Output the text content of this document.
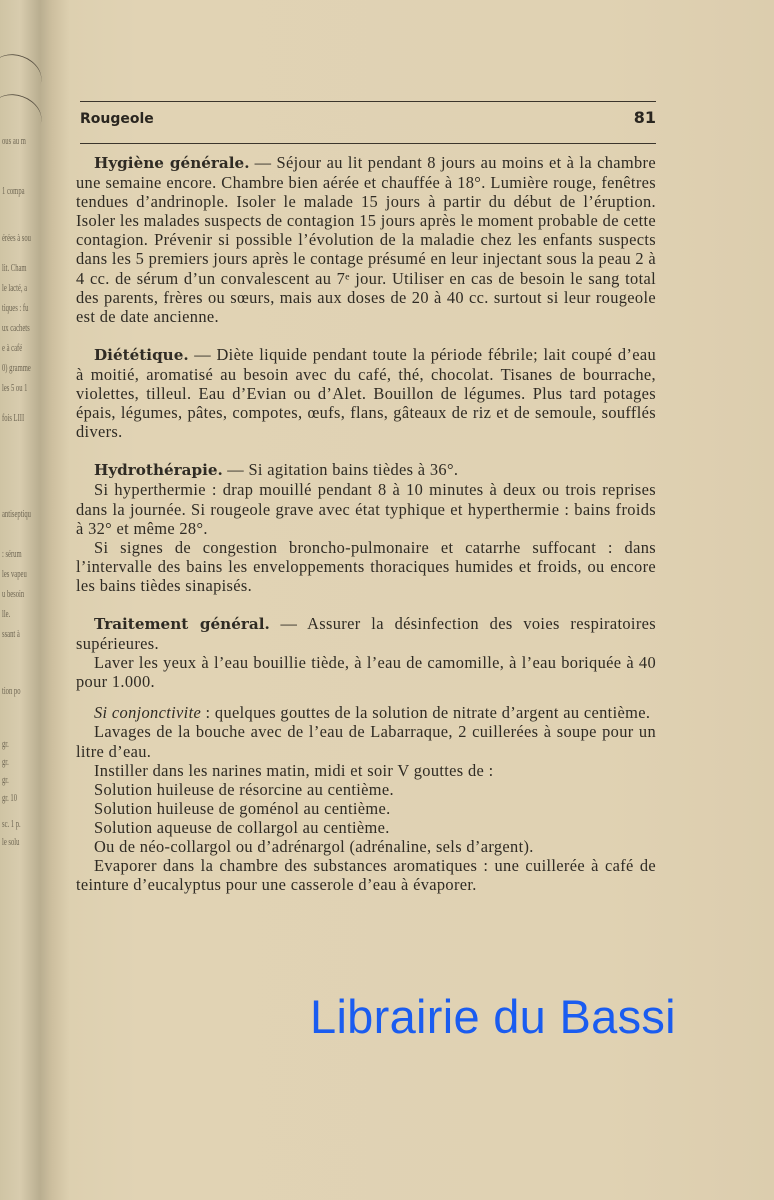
ous au m
1 compa
érées à sou
lit. Cham
le lacté, a
tiques : fu
ux cachets
e à café
0) gramme
les 5 ou 1
fois LIII
antiseptiqu
: sérum
les vapeu
u besoin
lle.
ssant à
tion po
gr.
gr.
gr.
gr. 10
sc. 1 p.
le solu
Rougeole	81

Hygiène générale. — Séjour au lit pendant 8 jours au moins et à la chambre une semaine encore. Chambre bien aérée et chauffée à 18°. Lumière rouge, fenêtres tendues d’andrinople. Isoler le malade 15 jours à partir du début de l’éruption. Isoler les malades suspects de contagion 15 jours après le moment probable de cette contagion. Prévenir si possible l’évolution de la maladie chez les enfants suspects dans les 5 premiers jours après le contage présumé en leur injectant sous la peau 2 à 4 cc. de sérum d’un convalescent au 7ᵉ jour. Utiliser en cas de besoin le sang total des parents, frères ou sœurs, mais aux doses de 20 à 40 cc. surtout si leur rougeole est de date ancienne.

Diététique. — Diète liquide pendant toute la période fébrile; lait coupé d’eau à moitié, aromatisé au besoin avec du café, thé, chocolat. Tisanes de bourrache, violettes, tilleul. Eau d’Evian ou d’Alet. Bouillon de légumes. Plus tard potages épais, légumes, pâtes, compotes, œufs, flans, gâteaux de riz et de semoule, soufflés divers.

Hydrothérapie. — Si agitation bains tièdes à 36°.

Si hyperthermie : drap mouillé pendant 8 à 10 minutes à deux ou trois reprises dans la journée. Si rougeole grave avec état typhique et hyperthermie : bains froids à 32° et même 28°.

Si signes de congestion broncho-pulmonaire et catarrhe suffocant : dans l’intervalle des bains les enveloppements thoraciques humides et froids, ou encore les bains tièdes sinapisés.

Traitement général. — Assurer la désinfection des voies respiratoires supérieures.

Laver les yeux à l’eau bouillie tiède, à l’eau de camomille, à l’eau boriquée à 40 pour 1.000.

Si conjonctivite : quelques gouttes de la solution de nitrate d’argent au centième.

Lavages de la bouche avec de l’eau de Labarraque, 2 cuillerées à soupe pour un litre d’eau.

Instiller dans les narines matin, midi et soir V gouttes de :

Solution huileuse de résorcine au centième.

Solution huileuse de goménol au centième.

Solution aqueuse de collargol au centième.

Ou de néo-collargol ou d’adrénargol (adrénaline, sels d’argent).

Evaporer dans la chambre des substances aromatiques : une cuillerée à café de teinture d’eucalyptus pour une casserole d’eau à évaporer.

Librairie du Bassi
